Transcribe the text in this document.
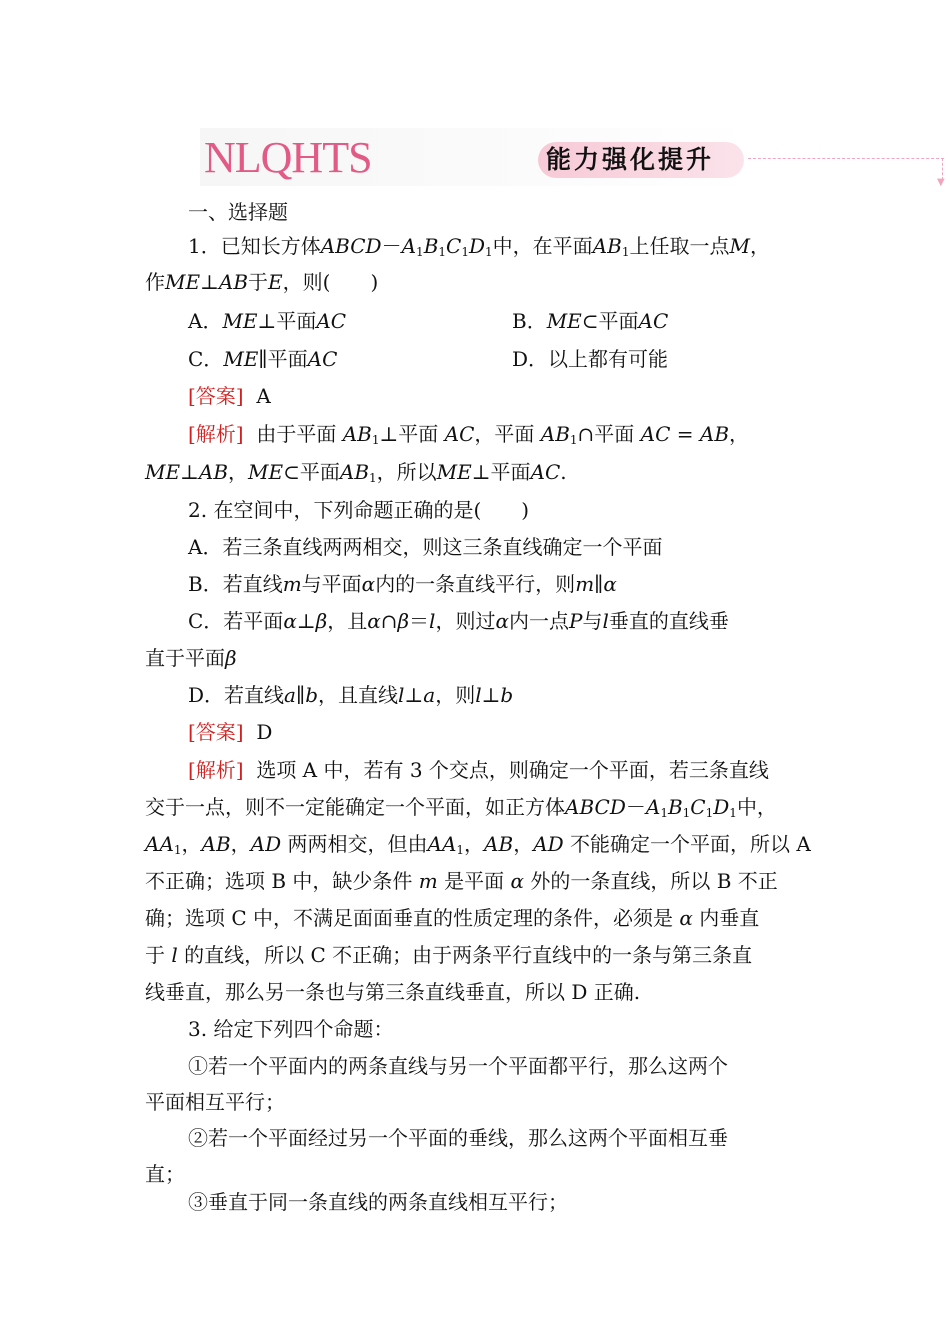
NLQHTS	能力强化提升
▼
一、选择题
1．已知长方体$ABCD-A_1B_1C_1D_1$中，在平面$AB_1$上任取一点M，
作ME⊥AB于E，则(　　)
A．ME⊥平面AC	B．ME⊂平面AC
C．ME∥平面AC	D．以上都有可能
[答案] A
[解析] 由于平面 $AB_1\perp$平面 AC，平面 $AB_1\cap$平面 AC = AB，
ME⊥AB，ME⊂平面$AB_1$，所以ME⊥平面AC.
2. 在空间中，下列命题正确的是(　　)
A．若三条直线两两相交，则这三条直线确定一个平面
B．若直线m与平面α内的一条直线平行，则m∥α
C．若平面α⊥β，且α∩β＝l，则过α内一点P与l垂直的直线垂
直于平面β
D．若直线a∥b，且直线l⊥a，则l⊥b
[答案] D
[解析] 选项 A 中，若有 3 个交点，则确定一个平面，若三条直线
交于一点，则不一定能确定一个平面，如正方体$ABCD-A_1B_1C_1D_1$中，
$AA_1$，AB，AD 两两相交，但由$AA_1$，AB，AD 不能确定一个平面，所以 A
不正确；选项 B 中，缺少条件 m 是平面 α 外的一条直线，所以 B 不正
确；选项 C 中，不满足面面垂直的性质定理的条件，必须是 α 内垂直
于 l 的直线，所以 C 不正确；由于两条平行直线中的一条与第三条直
线垂直，那么另一条也与第三条直线垂直，所以 D 正确.
3. 给定下列四个命题：
①若一个平面内的两条直线与另一个平面都平行，那么这两个
平面相互平行；
②若一个平面经过另一个平面的垂线，那么这两个平面相互垂
直；
③垂直于同一条直线的两条直线相互平行；
